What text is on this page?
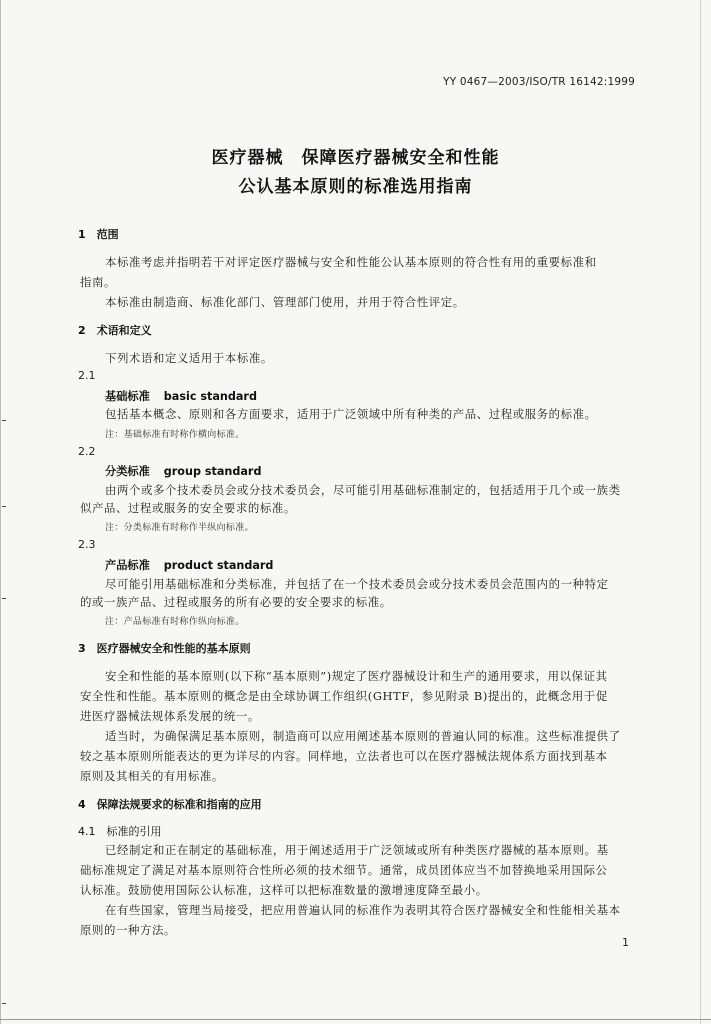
YY 0467—2003/ISO/TR 16142:1999
医疗器械　保障医疗器械安全和性能
公认基本原则的标准选用指南
1　范围
本标准考虑并指明若干对评定医疗器械与安全和性能公认基本原则的符合性有用的重要标准和
指南。
本标准由制造商、标准化部门、管理部门使用，并用于符合性评定。
2　术语和定义
下列术语和定义适用于本标准。
2.1
基础标准 basic standard
包括基本概念、原则和各方面要求，适用于广泛领域中所有种类的产品、过程或服务的标准。
注：基础标准有时称作横向标准。
2.2
分类标准 group standard
由两个或多个技术委员会或分技术委员会，尽可能引用基础标准制定的，包括适用于几个或一族类
似产品、过程或服务的安全要求的标准。
注：分类标准有时称作半纵向标准。
2.3
产品标准 product standard
尽可能引用基础标准和分类标准，并包括了在一个技术委员会或分技术委员会范围内的一种特定
的或一族产品、过程或服务的所有必要的安全要求的标准。
注：产品标准有时称作纵向标准。
3　医疗器械安全和性能的基本原则
安全和性能的基本原则(以下称“基本原则”)规定了医疗器械设计和生产的通用要求，用以保证其
安全性和性能。基本原则的概念是由全球协调工作组织(GHTF，参见附录 B)提出的，此概念用于促
进医疗器械法规体系发展的统一。
适当时，为确保满足基本原则，制造商可以应用阐述基本原则的普遍认同的标准。这些标准提供了
较之基本原则所能表达的更为详尽的内容。同样地，立法者也可以在医疗器械法规体系方面找到基本
原则及其相关的有用标准。
4　保障法规要求的标准和指南的应用
4.1　标准的引用
已经制定和正在制定的基础标准，用于阐述适用于广泛领域或所有种类医疗器械的基本原则。基
础标准规定了满足对基本原则符合性所必须的技术细节。通常，成员团体应当不加替换地采用国际公
认标准。鼓励使用国际公认标准，这样可以把标准数量的激增速度降至最小。
在有些国家，管理当局接受，把应用普遍认同的标准作为表明其符合医疗器械安全和性能相关基本
原则的一种方法。
1
